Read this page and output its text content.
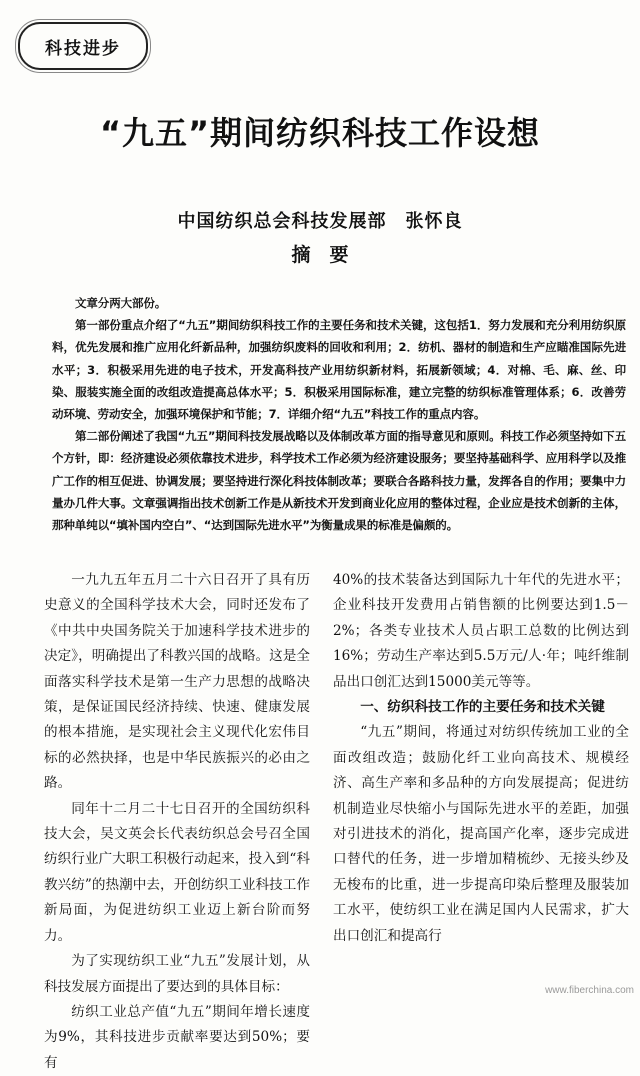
科技进步
“九五”期间纺织科技工作设想
中国纺织总会科技发展部　张怀良
摘　要

文章分两大部份。

第一部份重点介绍了“九五”期间纺织科技工作的主要任务和技术关键，这包括1．努力发展和充分利用纺织原料，优先发展和推广应用化纤新品种，加强纺织废料的回收和利用；2．纺机、器材的制造和生产应瞄准国际先进水平；3．积极采用先进的电子技术，开发高科技产业用纺织新材料，拓展新领域；4．对棉、毛、麻、丝、印染、服装实施全面的改组改造提高总体水平；5．积极采用国际标准，建立完整的纺织标准管理体系；6．改善劳动环境、劳动安全，加强环境保护和节能；7．详细介绍“九五”科技工作的重点内容。

第二部份阐述了我国“九五”期间科技发展战略以及体制改革方面的指导意见和原则。科技工作必须坚持如下五个方针，即：经济建设必须依靠技术进步，科学技术工作必须为经济建设服务；要坚持基础科学、应用科学以及推广工作的相互促进、协调发展；要坚持进行深化科技体制改革；要联合各路科技力量，发挥各自的作用；要集中力量办几件大事。文章强调指出技术创新工作是从新技术开发到商业化应用的整体过程，企业应是技术创新的主体，那种单纯以“填补国内空白”、“达到国际先进水平”为衡量成果的标准是偏颇的。

一九九五年五月二十六日召开了具有历史意义的全国科学技术大会，同时还发布了《中共中央国务院关于加速科学技术进步的决定》，明确提出了科教兴国的战略。这是全面落实科学技术是第一生产力思想的战略决策，是保证国民经济持续、快速、健康发展的根本措施，是实现社会主义现代化宏伟目标的必然抉择，也是中华民族振兴的必由之路。

同年十二月二十七日召开的全国纺织科技大会，吴文英会长代表纺织总会号召全国纺织行业广大职工积极行动起来，投入到“科教兴纺”的热潮中去，开创纺织工业科技工作新局面，为促进纺织工业迈上新台阶而努力。

为了实现纺织工业“九五”发展计划，从科技发展方面提出了要达到的具体目标：

纺织工业总产值“九五”期间年增长速度为9%，其科技进步贡献率要达到50%；要有

40%的技术装备达到国际九十年代的先进水平；企业科技开发费用占销售额的比例要达到1.5－2%；各类专业技术人员占职工总数的比例达到16%；劳动生产率达到5.5万元/人·年；吨纤维制品出口创汇达到15000美元等等。

一、纺织科技工作的主要任务和技术关键

“九五”期间，将通过对纺织传统加工业的全面改组改造；鼓励化纤工业向高技术、规模经济、高生产率和多品种的方向发展提高；促进纺机制造业尽快缩小与国际先进水平的差距，加强对引进技术的消化，提高国产化率，逐步完成进口替代的任务，进一步增加精梳纱、无接头纱及无梭布的比重，进一步提高印染后整理及服装加工水平，使纺织工业在满足国内人民需求，扩大出口创汇和提高行

www.fiberchina.com
